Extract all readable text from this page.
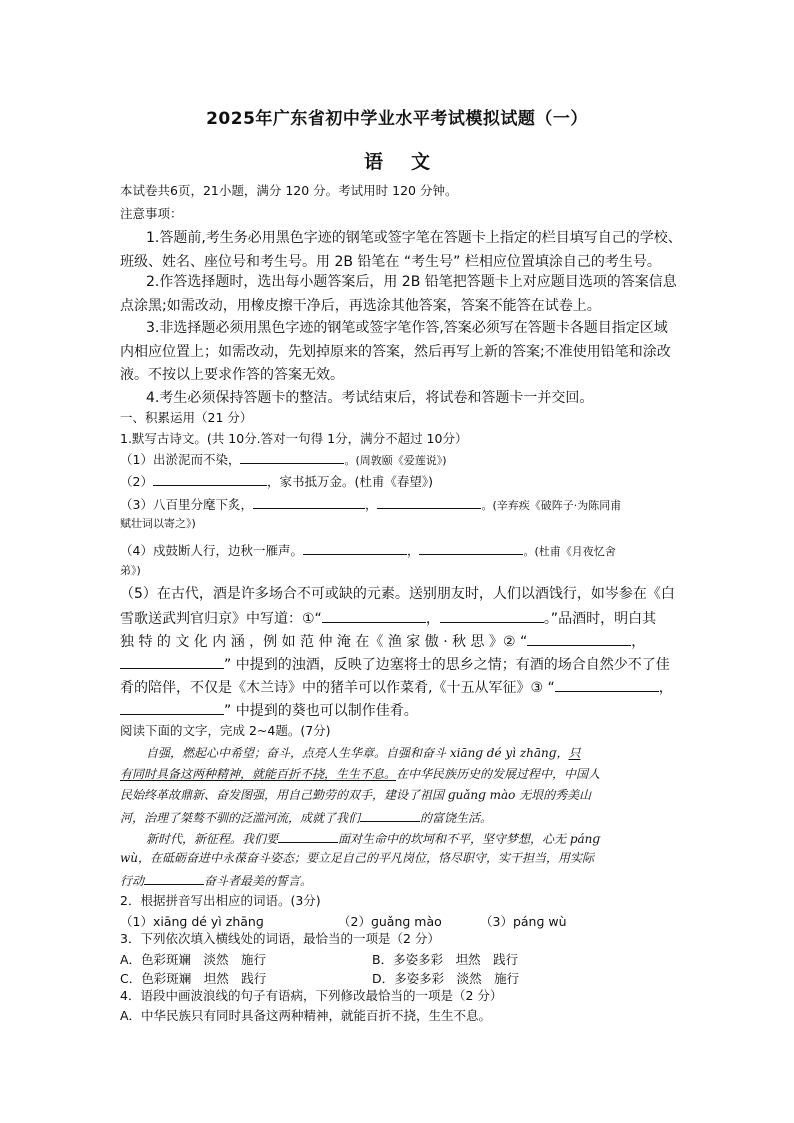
2025年广东省初中学业水平考试模拟试题（一）
语 文
本试卷共6页，21小题，满分 120 分。考试用时 120 分钟。
注意事项：
1.答题前,考生务必用黑色字迹的钢笔或签字笔在答题卡上指定的栏目填写自己的学校、
班级、姓名、座位号和考生号。用 2B 铅笔在 “考生号” 栏相应位置填涂自己的考生号。
2.作答选择题时，选出每小题答案后，用 2B 铅笔把答题卡上对应题目选项的答案信息
点涂黑;如需改动，用橡皮擦干净后，再选涂其他答案，答案不能答在试卷上。
3.非选择题必须用黑色字迹的钢笔或签字笔作答,答案必须写在答题卡各题目指定区域
内相应位置上；如需改动，先划掉原来的答案，然后再写上新的答案;不准使用铅笔和涂改
液。不按以上要求作答的答案无效。
4.考生必须保持答题卡的整洁。考试结束后，将试卷和答题卡一并交回。
一、积累运用（21 分）
1.默写古诗文。(共 10分.答对一句得 1分，满分不超过 10分）
（1）出淤泥而不染，	。(周敦颐《爱莲说》)
（2）	，家书抵万金。(杜甫《春望》)
（3）八百里分麾下炙，	，	。(辛弃疾《破阵子·为陈同甫
赋壮词以寄之》)
（4）戍鼓断人行，边秋一雁声。	，	。(杜甫《月夜忆舍
弟》)
（5）在古代，酒是许多场合不可或缺的元素。送别朋友时，人们以酒饯行，如岑参在《白
雪歌送武判官归京》中写道：①“	，	。”品酒时，明白其
独 特 的 文 化 内 涵 ，例 如 范 仲 淹 在《 渔 家 傲 · 秋 思 》② “	，
” 中提到的浊酒，反映了边塞将士的思乡之情；有酒的场合自然少不了佳
肴的陪伴，不仅是《木兰诗》中的猪羊可以作菜肴,《十五从军征》③ “	，
” 中提到的葵也可以制作佳肴。
阅读下面的文字，完成 2~4题。(7分)
自强，燃起心中希望；奋斗，点亮人生华章。自强和奋斗 xiānɡ dé yì zhānɡ，只
有同时具备这两种精神，就能百折不挠，生生不息。在中华民族历史的发展过程中，中国人
民始终革故鼎新、奋发图强，用自己勤劳的双手，建设了祖国 ɡuǎnɡ mào 无垠的秀美山
河，治理了桀骜不驯的泛滥河流，成就了我们	的富饶生活。
新时代，新征程。我们要	面对生命中的坎坷和不平，坚守梦想，心无 pánɡ
wù，在砥砺奋进中永葆奋斗姿态；要立足自己的平凡岗位，恪尽职守，实干担当，用实际
行动	奋斗者最美的誓言。
2．根据拼音写出相应的词语。(3分)
（1）xiānɡ dé yì zhānɡ	（2）ɡuǎnɡ mào	（3）pánɡ wù
3．下列依次填入横线处的词语，最恰当的一项是（2 分）
A．色彩斑斓　淡然　施行	B．多姿多彩　坦然　践行
C．色彩斑斓　坦然　践行	D．多姿多彩　淡然　施行
4．语段中画波浪线的句子有语病，下列修改最恰当的一项是（2 分）
A．中华民族只有同时具备这两种精神，就能百折不挠，生生不息。
